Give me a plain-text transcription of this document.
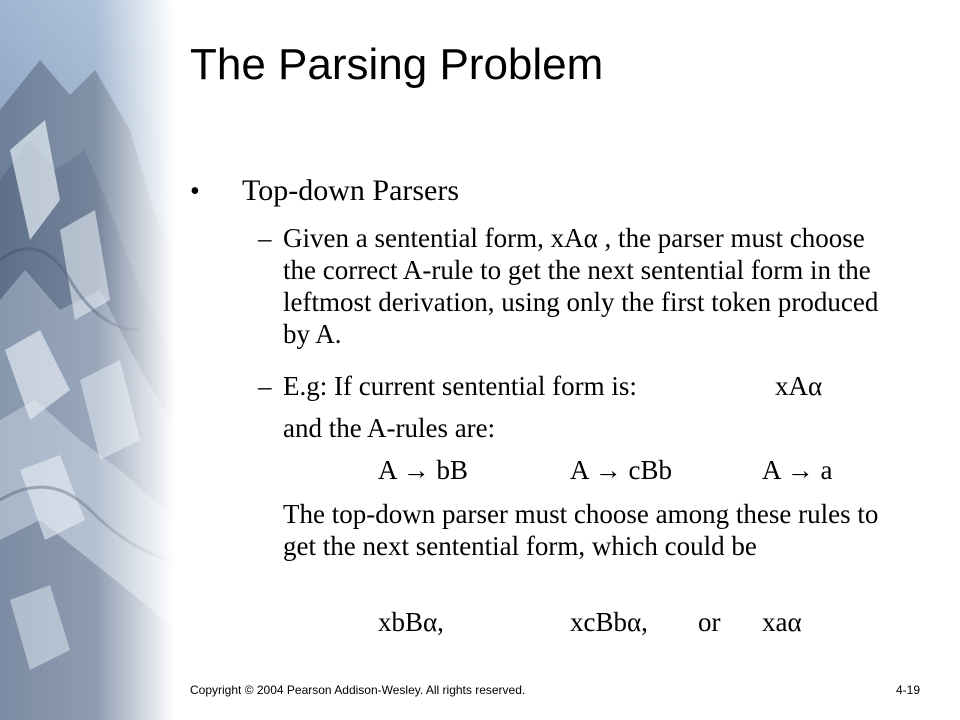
The Parsing Problem
• Top-down Parsers
– Given a sentential form, xAα , the parser must choose the correct A-rule to get the next sentential form in the leftmost derivation, using only the first token produced by A.
– E.g: If current sentential form is:	xAα
and the A-rules are:
A → bB	A → cBb	A → a
The top-down parser must choose among these rules to get the next sentential form, which could be
xbBα,	xcBbα, or xaα
Copyright © 2004 Pearson Addison-Wesley. All rights reserved.	4-19
